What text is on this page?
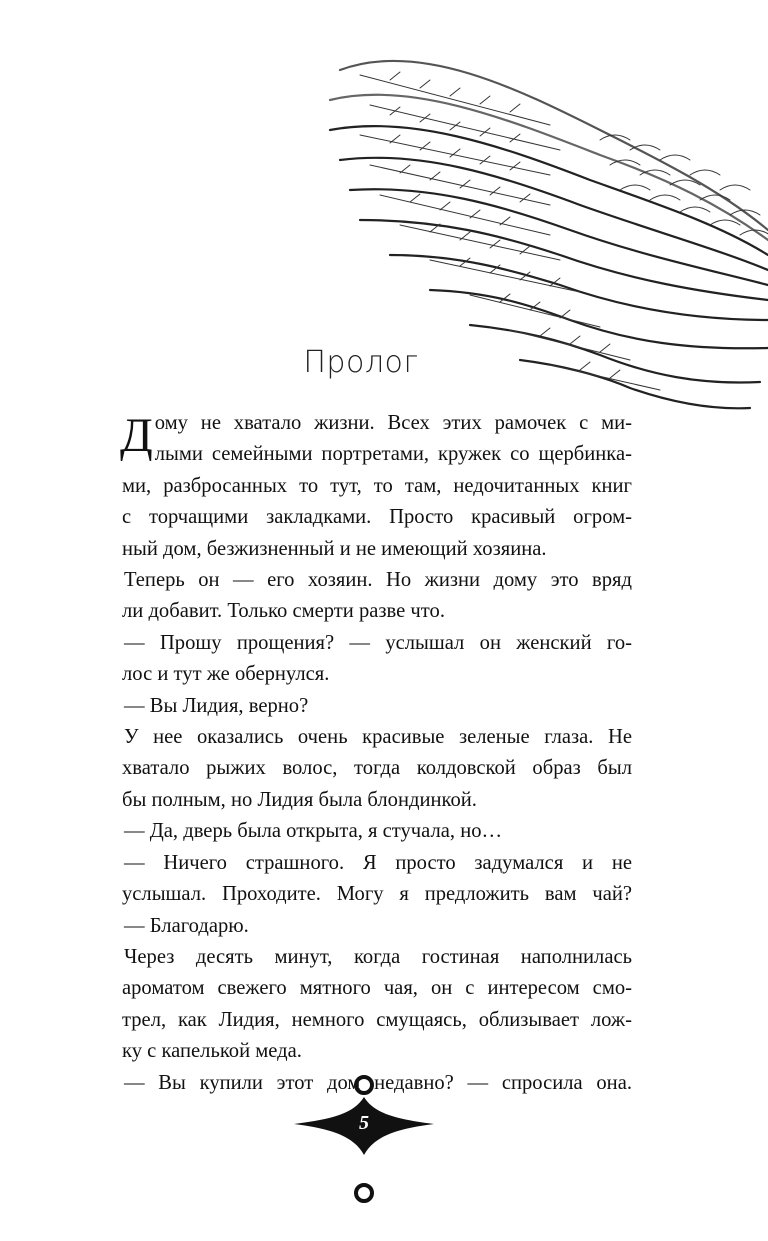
Пролог
Д ому не хватало жизни. Всех этих рамочек с ми-
лыми семейными портретами, кружек со щербинка-
ми, разбросанных то тут, то там, недочитанных книг
с торчащими закладками. Просто красивый огром-
ный дом, безжизненный и не имеющий хозяина.
Теперь он — его хозяин. Но жизни дому это вряд
ли добавит. Только смерти разве что.
— Прошу прощения? — услышал он женский го-
лос и тут же обернулся.
— Вы Лидия, верно?
У нее оказались очень красивые зеленые глаза. Не
хватало рыжих волос, тогда колдовской образ был
бы полным, но Лидия была блондинкой.
— Да, дверь была открыта, я стучала, но…
— Ничего страшного. Я просто задумался и не
услышал. Проходите. Могу я предложить вам чай?
— Благодарю.
Через десять минут, когда гостиная наполнилась
ароматом свежего мятного чая, он с интересом смо-
трел, как Лидия, немного смущаясь, облизывает лож-
ку с капелькой меда.
— Вы купили этот дом недавно? — спросила она.
5
